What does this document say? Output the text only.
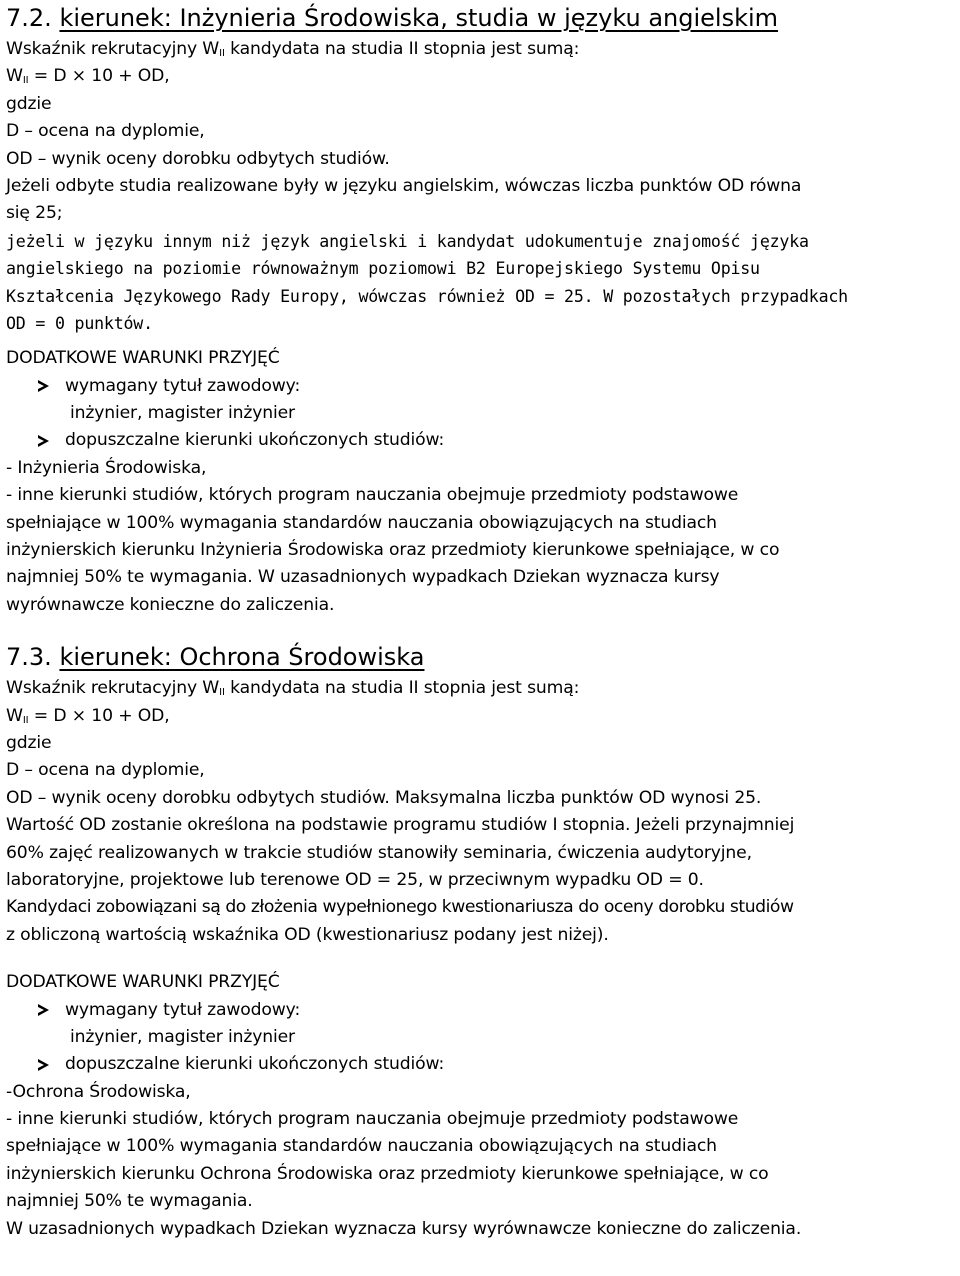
7.2. kierunek: Inżynieria Środowiska, studia w języku angielskim
Wskaźnik rekrutacyjny $W_{II}$ kandydata na studia II stopnia jest sumą:
$W_{II} = D \times 10$ + OD,
gdzie
D – ocena na dyplomie,
OD – wynik oceny dorobku odbytych studiów.
Jeżeli odbyte studia realizowane były w języku angielskim, wówczas liczba punktów OD równa
się 25;
jeżeli w języku innym niż język angielski i kandydat udokumentuje znajomość języka
angielskiego na poziomie równoważnym poziomowi B2 Europejskiego Systemu Opisu
Kształcenia Językowego Rady Europy, wówczas również OD = 25. W pozostałych przypadkach
OD = 0 punktów.
DODATKOWE WARUNKI PRZYJĘĆ
wymagany tytuł zawodowy:
inżynier, magister inżynier
dopuszczalne kierunki ukończonych studiów:
- Inżynieria Środowiska,
- inne kierunki studiów, których program nauczania obejmuje przedmioty podstawowe
spełniające w 100% wymagania standardów nauczania obowiązujących na studiach
inżynierskich kierunku Inżynieria Środowiska oraz przedmioty kierunkowe spełniające, w co
najmniej 50% te wymagania. W uzasadnionych wypadkach Dziekan wyznacza kursy
wyrównawcze konieczne do zaliczenia.
7.3. kierunek: Ochrona Środowiska
Wskaźnik rekrutacyjny $W_{II}$ kandydata na studia II stopnia jest sumą:
$W_{II} = D \times 10$ + OD,
gdzie
D – ocena na dyplomie,
OD – wynik oceny dorobku odbytych studiów. Maksymalna liczba punktów OD wynosi 25.
Wartość OD zostanie określona na podstawie programu studiów I stopnia. Jeżeli przynajmniej
60% zajęć realizowanych w trakcie studiów stanowiły seminaria, ćwiczenia audytoryjne,
laboratoryjne, projektowe lub terenowe OD = 25, w przeciwnym wypadku OD = 0.
Kandydaci zobowiązani są do złożenia wypełnionego kwestionariusza do oceny dorobku studiów
z obliczoną wartością wskaźnika OD (kwestionariusz podany jest niżej).
DODATKOWE WARUNKI PRZYJĘĆ
wymagany tytuł zawodowy:
inżynier, magister inżynier
dopuszczalne kierunki ukończonych studiów:
-Ochrona Środowiska,
- inne kierunki studiów, których program nauczania obejmuje przedmioty podstawowe
spełniające w 100% wymagania standardów nauczania obowiązujących na studiach
inżynierskich kierunku Ochrona Środowiska oraz przedmioty kierunkowe spełniające, w co
najmniej 50% te wymagania.
W uzasadnionych wypadkach Dziekan wyznacza kursy wyrównawcze konieczne do zaliczenia.
